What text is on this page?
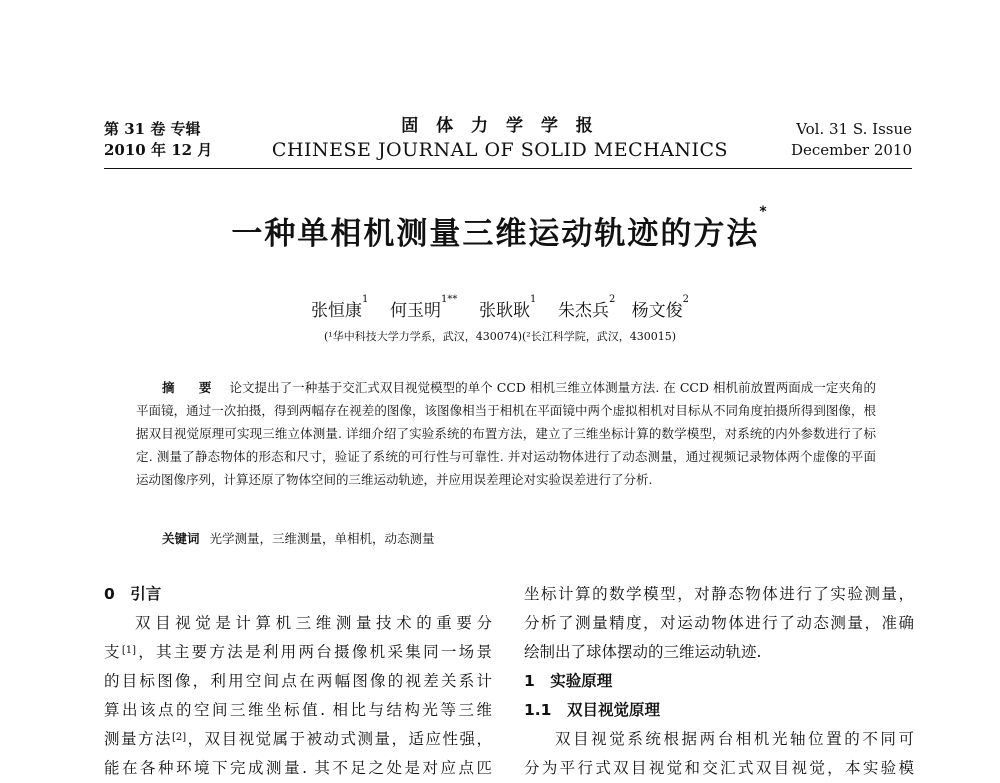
第 31 卷 专辑
2010 年 12 月
固 体 力 学 学 报
CHINESE JOURNAL OF SOLID MECHANICS
Vol. 31 S. Issue
December 2010
一种单相机测量三维运动轨迹的方法*
张恒康$^1$    何玉明$^{1**}$    张耿耿$^1$    朱杰兵$^2$   杨文俊$^2$
(¹华中科技大学力学系，武汉，430074)(²长江科学院，武汉，430015)
摘 要 论文提出了一种基于交汇式双目视觉模型的单个 CCD 相机三维立体测量方法. 在 CCD 相机前放置两面成一定夹角的平面镜，通过一次拍摄，得到两幅存在视差的图像，该图像相当于相机在平面镜中两个虚拟相机对目标从不同角度拍摄所得到图像，根据双目视觉原理可实现三维立体测量. 详细介绍了实验系统的布置方法，建立了三维坐标计算的数学模型，对系统的内外参数进行了标定. 测量了静态物体的形态和尺寸，验证了系统的可行性与可靠性. 并对运动物体进行了动态测量，通过视频记录物体两个虚像的平面运动图像序列，计算还原了物体空间的三维运动轨迹，并应用误差理论对实验误差进行了分析.
关键词 光学测量，三维测量，单相机，动态测量
0　引言

双目视觉是计算机三维测量技术的重要分

支[1]，其主要方法是利用两台摄像机采集同一场景

的目标图像，利用空间点在两幅图像的视差关系计

算出该点的空间三维坐标值. 相比与结构光等三维

测量方法[2]，双目视觉属于被动式测量，适应性强，

能在各种环境下完成测量. 其不足之处是对应点匹

坐标计算的数学模型，对静态物体进行了实验测量，

分析了测量精度，对运动物体进行了动态测量，准确

绘制出了球体摆动的三维运动轨迹.

1　实验原理
1.1　双目视觉原理

双目视觉系统根据两台相机光轴位置的不同可

分为平行式双目视觉和交汇式双目视觉，本实验模
